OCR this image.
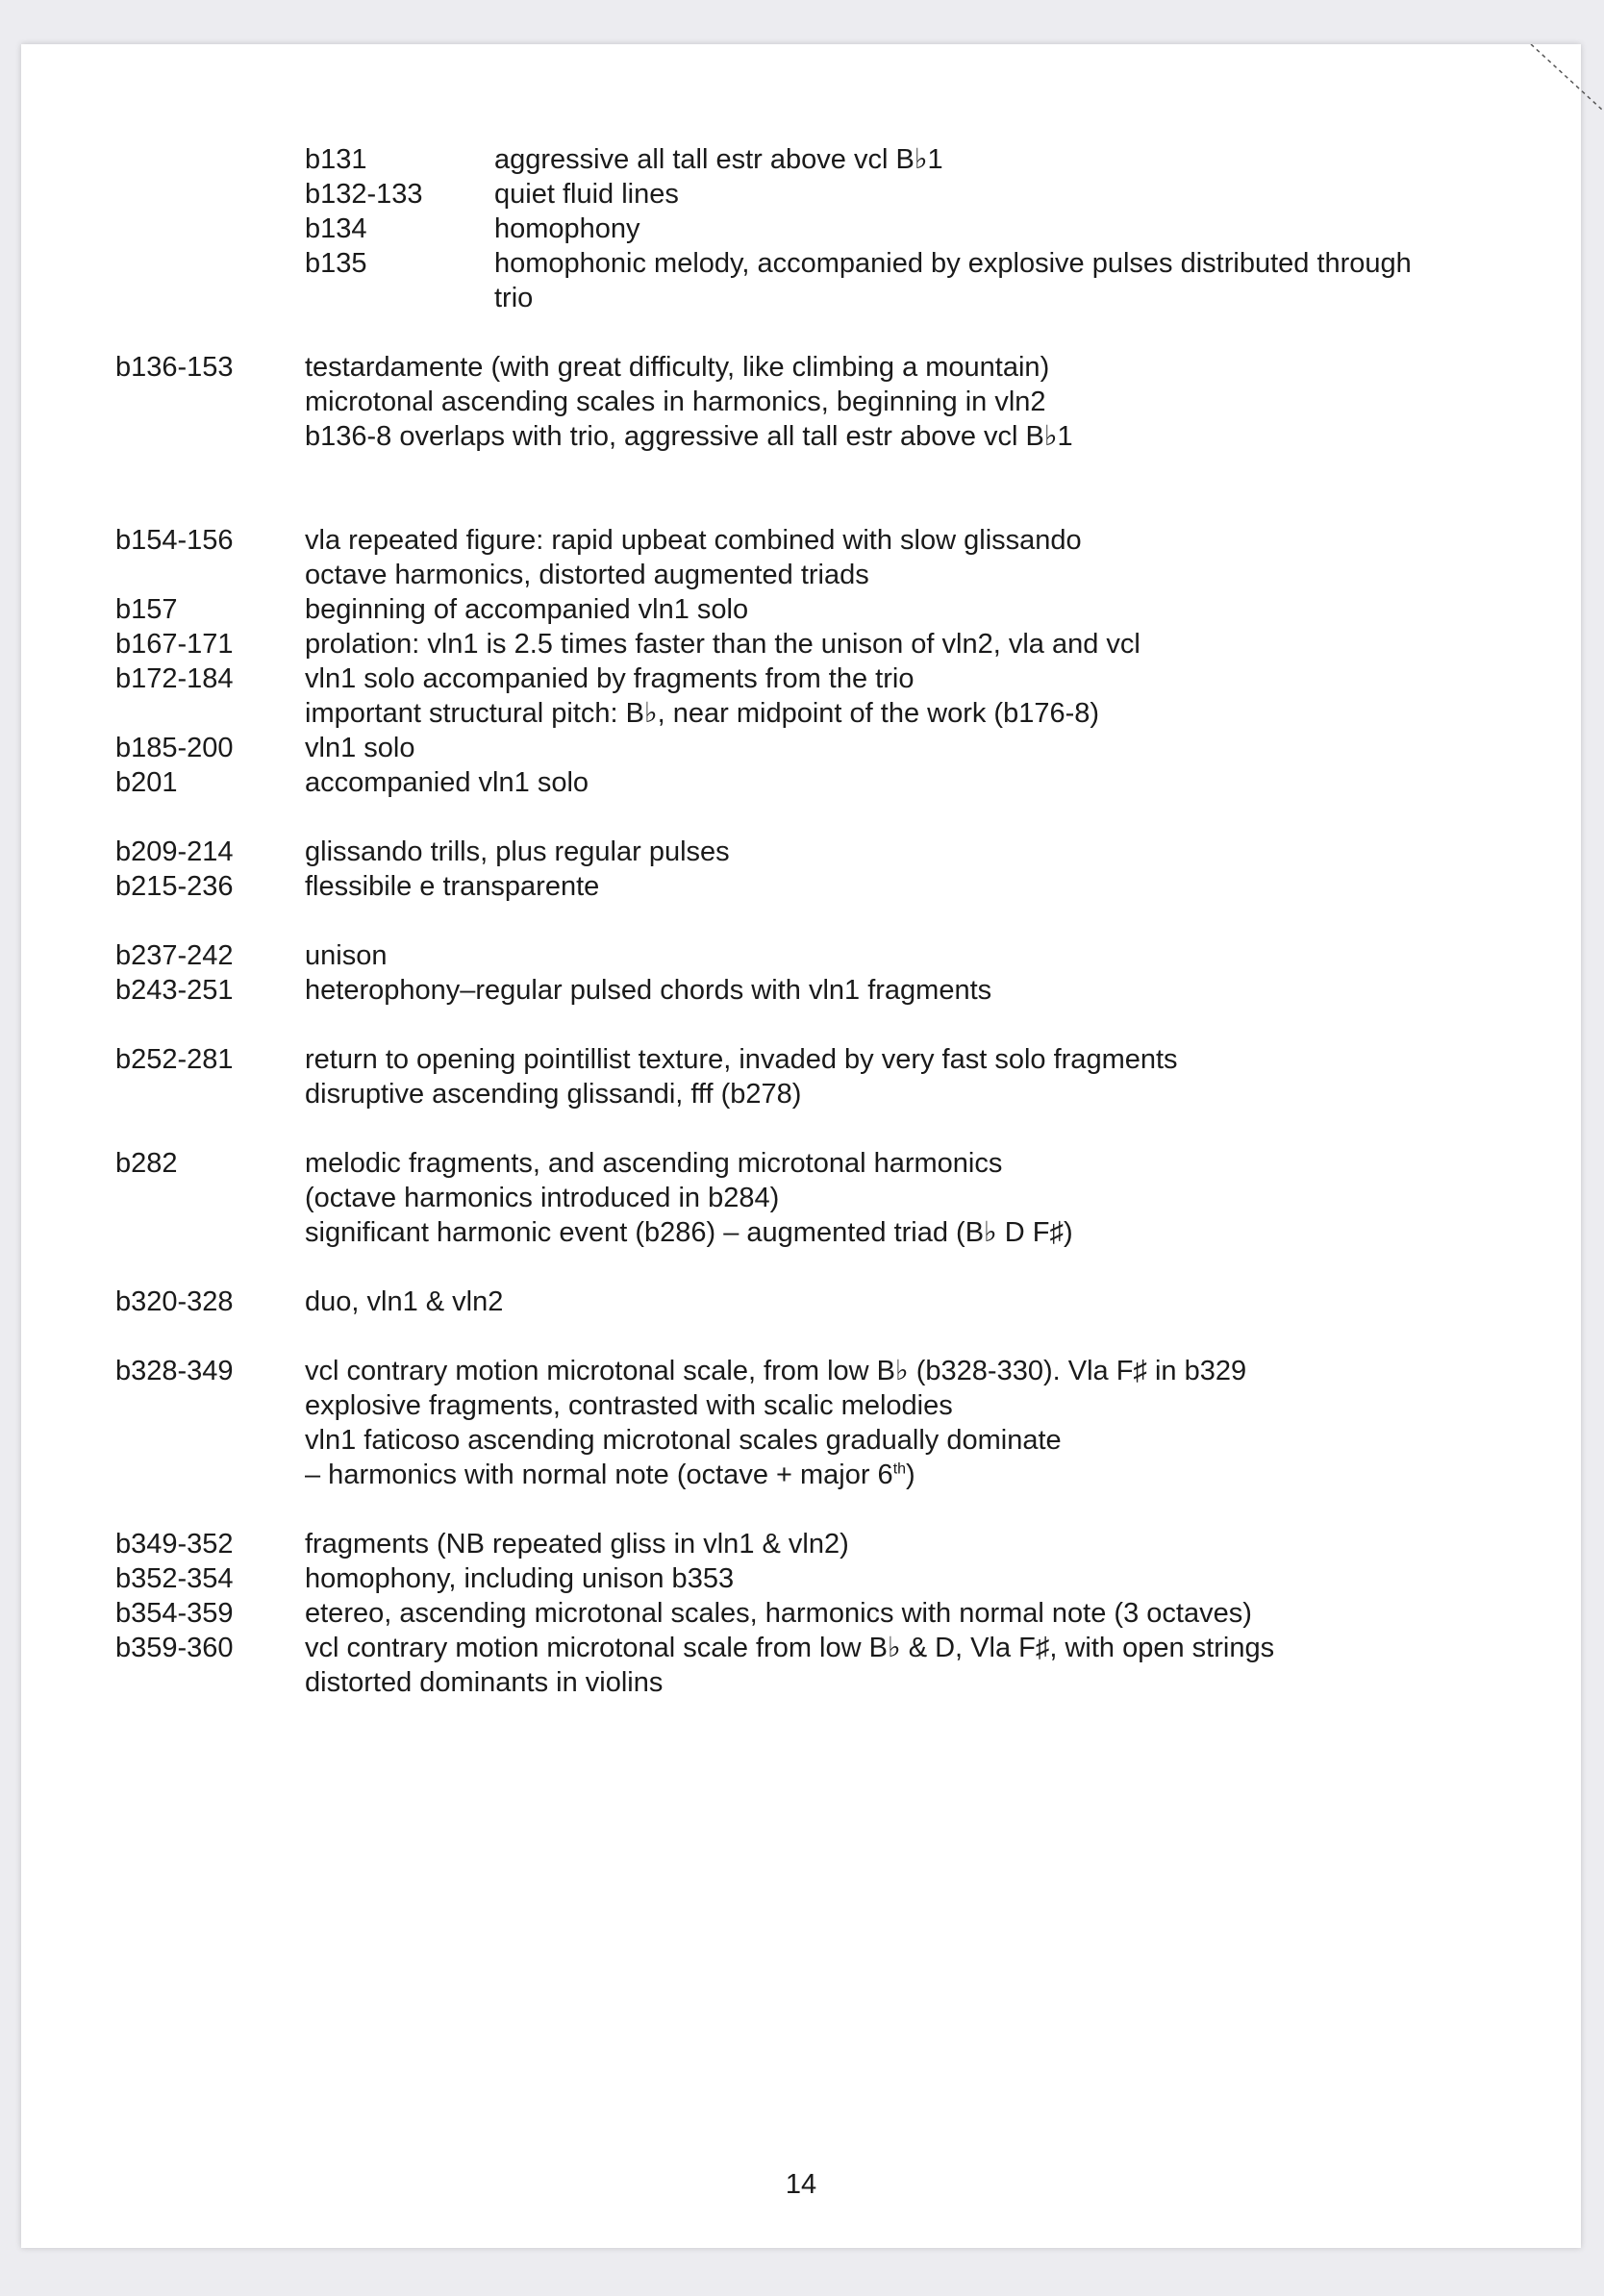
b131	aggressive all tall estr above vcl B♭1
b132-133	quiet fluid lines
b134	homophony
b135	homophonic melody, accompanied by explosive pulses distributed through
trio
b136-153	testardamente (with great difficulty, like climbing a mountain)
microtonal ascending scales in harmonics, beginning in vln2
b136-8 overlaps with trio, aggressive all tall estr above vcl B♭1
b154-156	vla repeated figure: rapid upbeat combined with slow glissando
octave harmonics, distorted augmented triads
b157	beginning of accompanied vln1 solo
b167-171	prolation: vln1 is 2.5 times faster than the unison of vln2, vla and vcl
b172-184	vln1 solo accompanied by fragments from the trio
important structural pitch: B♭, near midpoint of the work (b176-8)
b185-200	vln1 solo
b201	accompanied vln1 solo
b209-214	glissando trills, plus regular pulses
b215-236	flessibile e transparente
b237-242	unison
b243-251	heterophony–regular pulsed chords with vln1 fragments
b252-281	return to opening pointillist texture, invaded by very fast solo fragments
disruptive ascending glissandi, fff (b278)
b282	melodic fragments, and ascending microtonal harmonics
(octave harmonics introduced in b284)
significant harmonic event (b286) – augmented triad (B♭ D F♯)
b320-328	duo, vln1 & vln2
b328-349	vcl contrary motion microtonal scale, from low B♭ (b328-330). Vla F♯ in b329
explosive fragments, contrasted with scalic melodies
vln1 faticoso ascending microtonal scales gradually dominate
– harmonics with normal note (octave + major 6th)
b349-352	fragments (NB repeated gliss in vln1 & vln2)
b352-354	homophony, including unison b353
b354-359	etereo, ascending microtonal scales, harmonics with normal note (3 octaves)
b359-360	vcl contrary motion microtonal scale from low B♭ & D, Vla F♯, with open strings
distorted dominants in violins
14
